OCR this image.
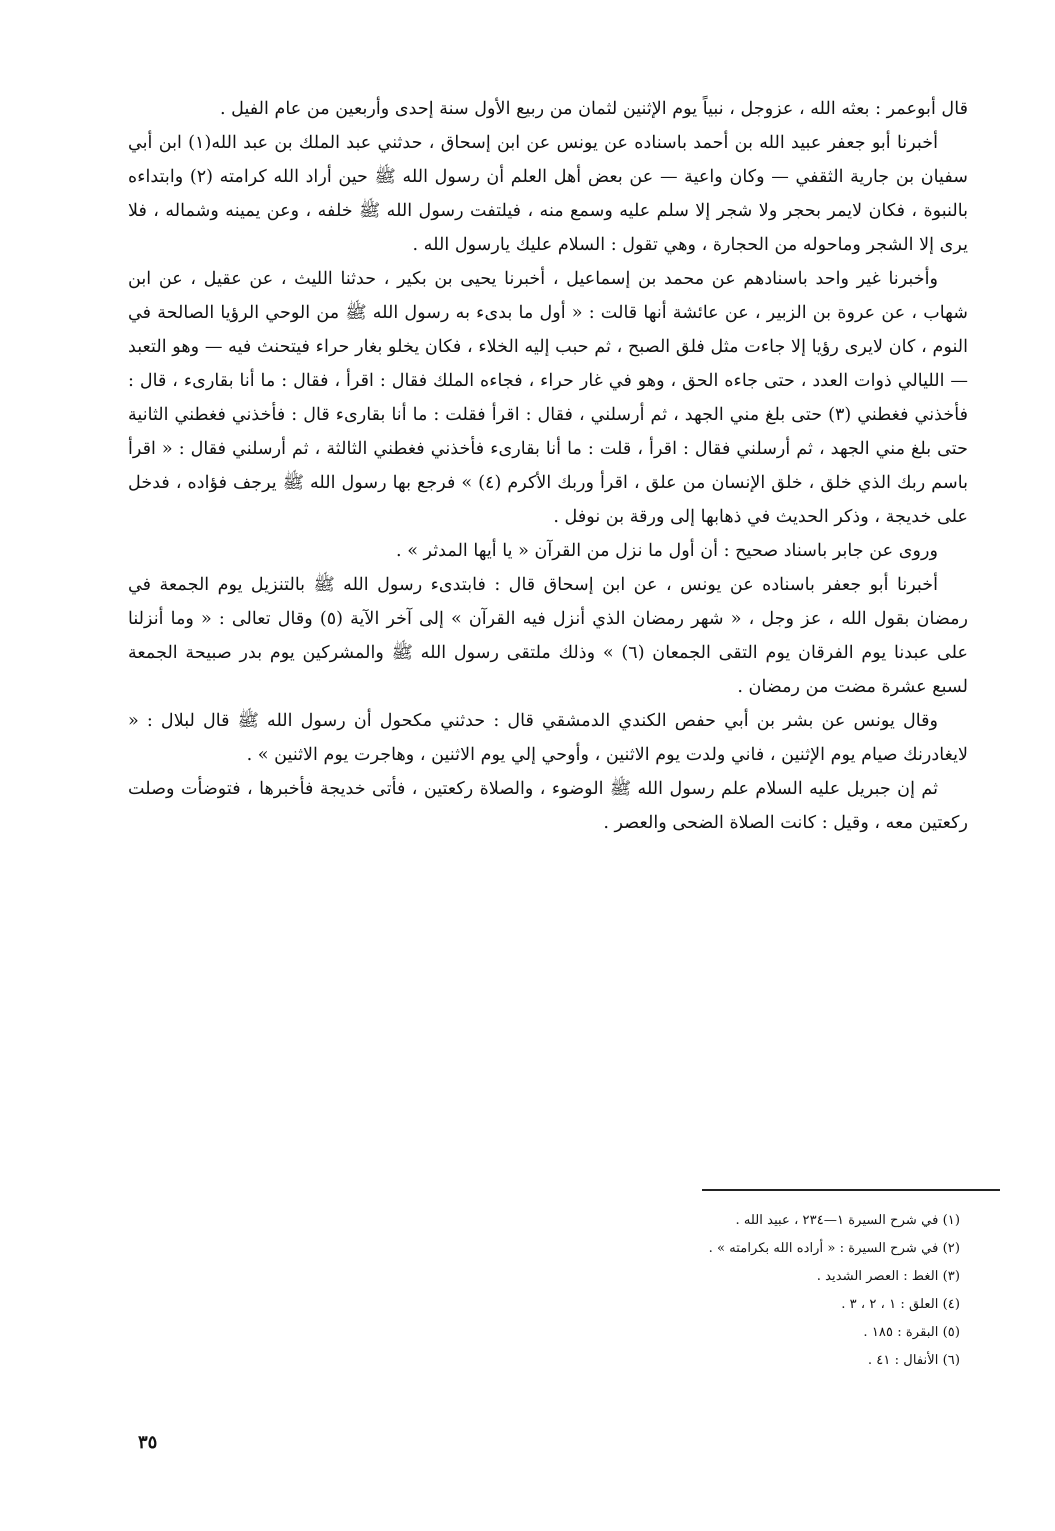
قال أبوعمر : بعثه الله ، عزوجل ، نبياً يوم الإثنين لثمان من ربيع الأول سنة إحدى وأربعين من عام الفيل .

أخبرنا أبو جعفر عبيد الله بن أحمد باسناده عن يونس عن ابن إسحاق ، حدثني عبد الملك بن عبد الله(١) ابن أبي سفيان بن جارية الثقفي — وكان واعية — عن بعض أهل العلم أن رسول الله ﷺ حين أراد الله كرامته (٢) وابتداءه بالنبوة ، فكان لايمر بحجر ولا شجر إلا سلم عليه وسمع منه ، فيلتفت رسول الله ﷺ خلفه ، وعن يمينه وشماله ، فلا يرى إلا الشجر وماحوله من الحجارة ، وهي تقول : السلام عليك يارسول الله .

وأخبرنا غير واحد باسنادهم عن محمد بن إسماعيل ، أخبرنا يحيى بن بكير ، حدثنا الليث ، عن عقيل ، عن ابن شهاب ، عن عروة بن الزبير ، عن عائشة أنها قالت : « أول ما بدىء به رسول الله ﷺ من الوحي الرؤيا الصالحة في النوم ، كان لايرى رؤيا إلا جاءت مثل فلق الصبح ، ثم حبب إليه الخلاء ، فكان يخلو بغار حراء فيتحنث فيه — وهو التعبد — الليالي ذوات العدد ، حتى جاءه الحق ، وهو في غار حراء ، فجاءه الملك فقال : اقرأ ، فقال : ما أنا بقارىء ، قال : فأخذني فغطني (٣) حتى بلغ مني الجهد ، ثم أرسلني ، فقال : اقرأ فقلت : ما أنا بقارىء قال : فأخذني فغطني الثانية حتى بلغ مني الجهد ، ثم أرسلني فقال : اقرأ ، قلت : ما أنا بقارىء فأخذني فغطني الثالثة ، ثم أرسلني فقال : « اقرأ باسم ربك الذي خلق ، خلق الإنسان من علق ، اقرأ وربك الأكرم (٤) » فرجع بها رسول الله ﷺ يرجف فؤاده ، فدخل على خديجة ، وذكر الحديث في ذهابها إلى ورقة بن نوفل .

وروى عن جابر باسناد صحيح : أن أول ما نزل من القرآن « يا أيها المدثر » .

أخبرنا أبو جعفر باسناده عن يونس ، عن ابن إسحاق قال : فابتدىء رسول الله ﷺ بالتنزيل يوم الجمعة في رمضان بقول الله ، عز وجل ، « شهر رمضان الذي أنزل فيه القرآن » إلى آخر الآية (٥) وقال تعالى : « وما أنزلنا على عبدنا يوم الفرقان يوم التقى الجمعان (٦) » وذلك ملتقى رسول الله ﷺ والمشركين يوم بدر صبيحة الجمعة لسبع عشرة مضت من رمضان .

وقال يونس عن بشر بن أبي حفص الكندي الدمشقي قال : حدثني مكحول أن رسول الله ﷺ قال لبلال : « لايغادرنك صيام يوم الإثنين ، فاني ولدت يوم الاثنين ، وأوحي إلي يوم الاثنين ، وهاجرت يوم الاثنين » .

ثم إن جبريل عليه السلام علم رسول الله ﷺ الوضوء ، والصلاة ركعتين ، فأتى خديجة فأخبرها ، فتوضأت وصلت ركعتين معه ، وقيل : كانت الصلاة الضحى والعصر .

(١) في شرح السيرة ١—٢٣٤ ، عبيد الله .
(٢) في شرح السيرة : « أراده الله بكرامته » .
(٣) الغط : العصر الشديد .
(٤) العلق : ١ ، ٢ ، ٣ .
(٥) البقرة : ١٨٥ .
(٦) الأنفال : ٤١ .
٣٥
